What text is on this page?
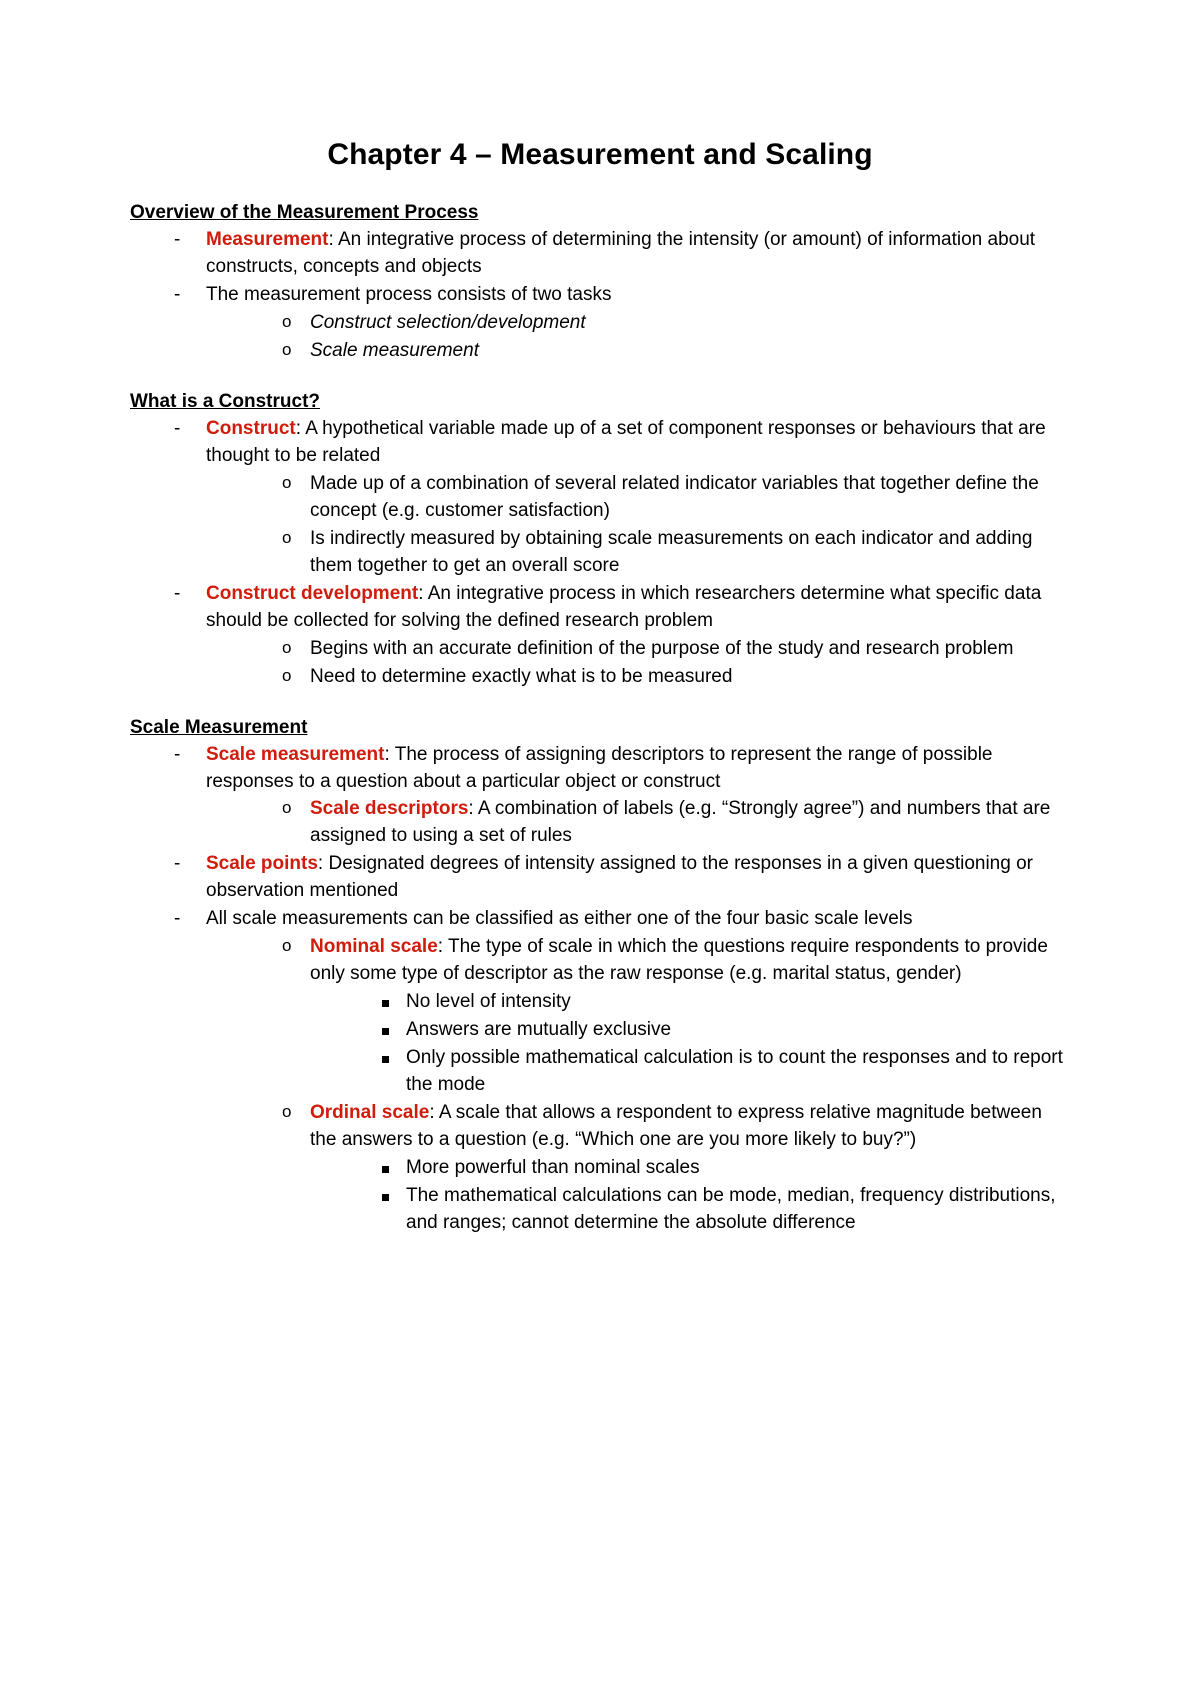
Chapter 4 – Measurement and Scaling
Overview of the Measurement Process
- Measurement: An integrative process of determining the intensity (or amount) of information about constructs, concepts and objects
- The measurement process consists of two tasks
o Construct selection/development
o Scale measurement
What is a Construct?
- Construct: A hypothetical variable made up of a set of component responses or behaviours that are thought to be related
o Made up of a combination of several related indicator variables that together define the concept (e.g. customer satisfaction)
o Is indirectly measured by obtaining scale measurements on each indicator and adding them together to get an overall score
- Construct development: An integrative process in which researchers determine what specific data should be collected for solving the defined research problem
o Begins with an accurate definition of the purpose of the study and research problem
o Need to determine exactly what is to be measured
Scale Measurement
- Scale measurement: The process of assigning descriptors to represent the range of possible responses to a question about a particular object or construct
o Scale descriptors: A combination of labels (e.g. “Strongly agree”) and numbers that are assigned to using a set of rules
- Scale points: Designated degrees of intensity assigned to the responses in a given questioning or observation mentioned
- All scale measurements can be classified as either one of the four basic scale levels
o Nominal scale: The type of scale in which the questions require respondents to provide only some type of descriptor as the raw response (e.g. marital status, gender)
No level of intensity
Answers are mutually exclusive
Only possible mathematical calculation is to count the responses and to report the mode
o Ordinal scale: A scale that allows a respondent to express relative magnitude between the answers to a question (e.g. “Which one are you more likely to buy?”)
More powerful than nominal scales
The mathematical calculations can be mode, median, frequency distributions, and ranges; cannot determine the absolute difference
